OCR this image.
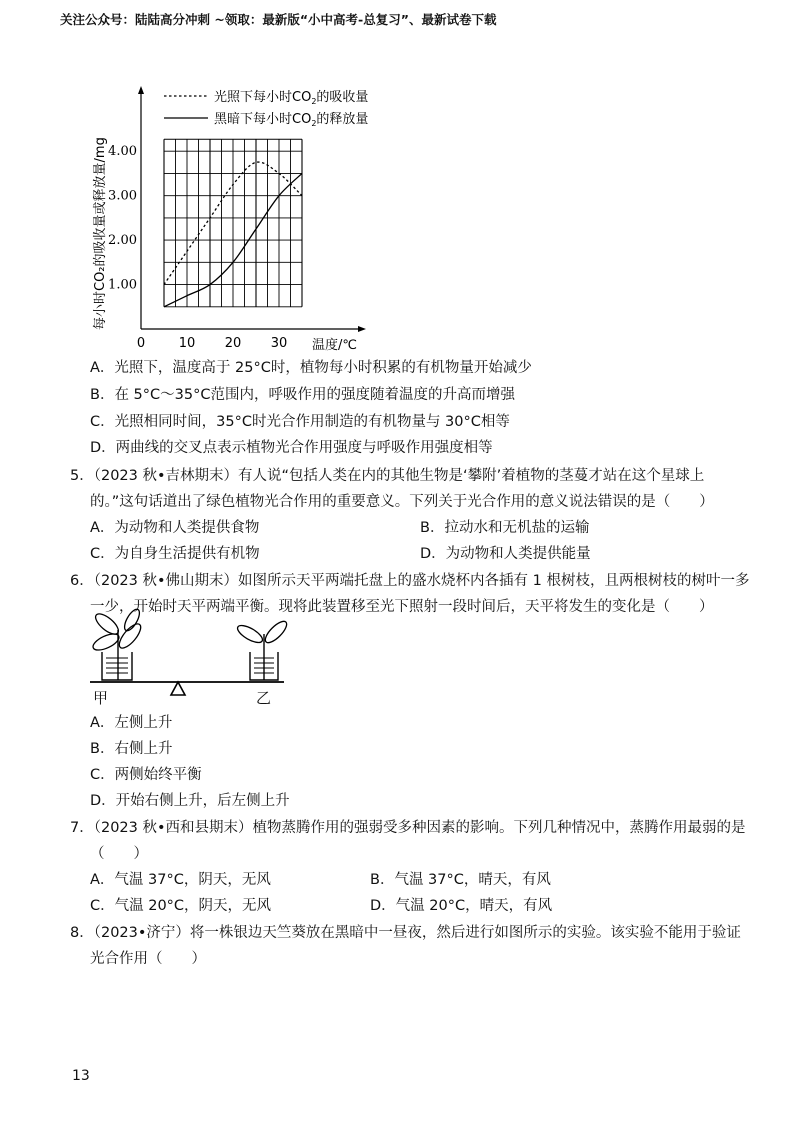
关注公众号：陆陆高分冲刺 ~领取：最新版“小中高考-总复习”、最新试卷下载
0	10 20 30
1.00
2.00
3.00
4.00
光照下每小时$CO_2$的吸收量
黑暗下每小时$CO_2$的释放量
每小时CO₂的吸收量或释放量/mg
温度/℃
A．光照下，温度高于 25°C时，植物每小时积累的有机物量开始减少
B．在 5°C～35°C范围内，呼吸作用的强度随着温度的升高而增强
C．光照相同时间，35°C时光合作用制造的有机物量与 30°C相等
D．两曲线的交叉点表示植物光合作用强度与呼吸作用强度相等
5．（2023 秋•吉林期末）有人说“包括人类在内的其他生物是‘攀附’着植物的茎蔓才站在这个星球上
的。”这句话道出了绿色植物光合作用的重要意义。下列关于光合作用的意义说法错误的是（　　）
A．为动物和人类提供食物	B．拉动水和无机盐的运输
C．为自身生活提供有机物	D．为动物和人类提供能量
6．（2023 秋•佛山期末）如图所示天平两端托盘上的盛水烧杯内各插有 1 根树枝，且两根树枝的树叶一多
一少，开始时天平两端平衡。现将此装置移至光下照射一段时间后，天平将发生的变化是（　　）
甲	乙
A．左侧上升
B．右侧上升
C．两侧始终平衡
D．开始右侧上升，后左侧上升
7．（2023 秋•西和县期末）植物蒸腾作用的强弱受多种因素的影响。下列几种情况中，蒸腾作用最弱的是
（　　）
A．气温 37°C，阴天，无风	B．气温 37°C，晴天，有风
C．气温 20°C，阴天，无风	D．气温 20°C，晴天，有风
8．（2023•济宁）将一株银边天竺葵放在黑暗中一昼夜，然后进行如图所示的实验。该实验不能用于验证
光合作用（　　）
13
